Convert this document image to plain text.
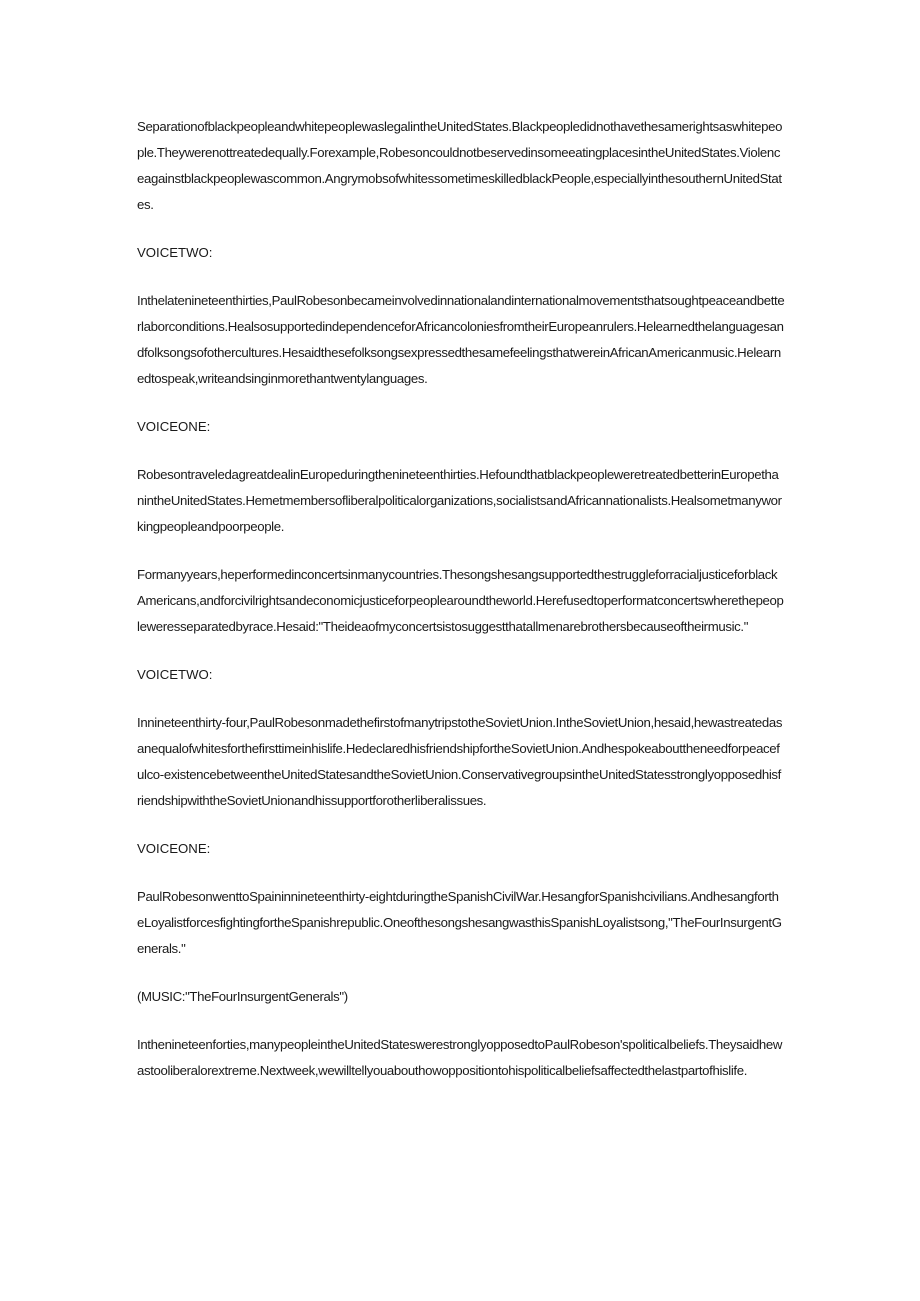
SeparationofblackpeopleandwhitepeoplewaslegalintheUnitedStates.Blackpeopledidnothavethesamerightsaswhitepeople.Theywerenottreatedequally.Forexample,RobesoncouldnotbeservedinsomeeatingplacesintheUnitedStates.Violenceagainstblackpeoplewascommon.AngrymobsofwhitessometimeskilledblackPeople,especiallyinthesouthernUnitedStates.

VOICETWO:

Inthelatenineteenthirties,PaulRobesonbecameinvolvedinnationalandinternationalmovementsthatsoughtpeaceandbetterlaborconditions.HealsosupportedindependenceforAfricancoloniesfromtheirEuropeanrulers.Helearnedthelanguagesandfolksongsofothercultures.HesaidthesefolksongsexpressedthesamefeelingsthatwereinAfricanAmericanmusic.Helearnedtospeak,writeandsinginmorethantwentylanguages.

VOICEONE:

RobesontraveledagreatdealinEuropeduringthenineteenthirties.HefoundthatblackpeopleweretreatedbetterinEuropethanintheUnitedStates.Hemetmembersofliberalpoliticalorganizations,socialistsandAfricannationalists.Healsometmanyworkingpeopleandpoorpeople.

Formanyyears,heperformedinconcertsinmanycountries.ThesongshesangsupportedthestruggleforracialjusticeforblackAmericans,andforcivilrightsandeconomicjusticeforpeoplearoundtheworld.Herefusedtoperformatconcertswherethepeopleweresseparatedbyrace.Hesaid:"Theideaofmyconcertsistosuggestthatallmenarebrothersbecauseoftheirmusic."

VOICETWO:

Innineteenthirty-four,PaulRobesonmadethefirstofmanytripstotheSovietUnion.IntheSovietUnion,hesaid,hewastreatedasanequalofwhitesforthefirsttimeinhislife.HedeclaredhisfriendshipfortheSovietUnion.Andhespokeabouttheneedforpeacefulco-existencebetweentheUnitedStatesandtheSovietUnion.ConservativegroupsintheUnitedStatesstronglyopposedhisfriendshipwiththeSovietUnionandhissupportforotherliberalissues.

VOICEONE:

PaulRobesonwenttoSpaininnineteenthirty-eightduringtheSpanishCivilWar.HesangforSpanishcivilians.AndhesangfortheLoyalistforcesfightingfortheSpanishrepublic.OneofthesongshesangwasthisSpanishLoyalistsong,"TheFourInsurgentGenerals."

(MUSIC:"TheFourInsurgentGenerals")

Inthenineteenforties,manypeopleintheUnitedStateswerestronglyopposedtoPaulRobeson'spoliticalbeliefs.Theysaidhewastooliberalorextreme.Nextweek,wewilltellyouabouthowoppositiontohispoliticalbeliefsaffectedthelastpartofhislife.
